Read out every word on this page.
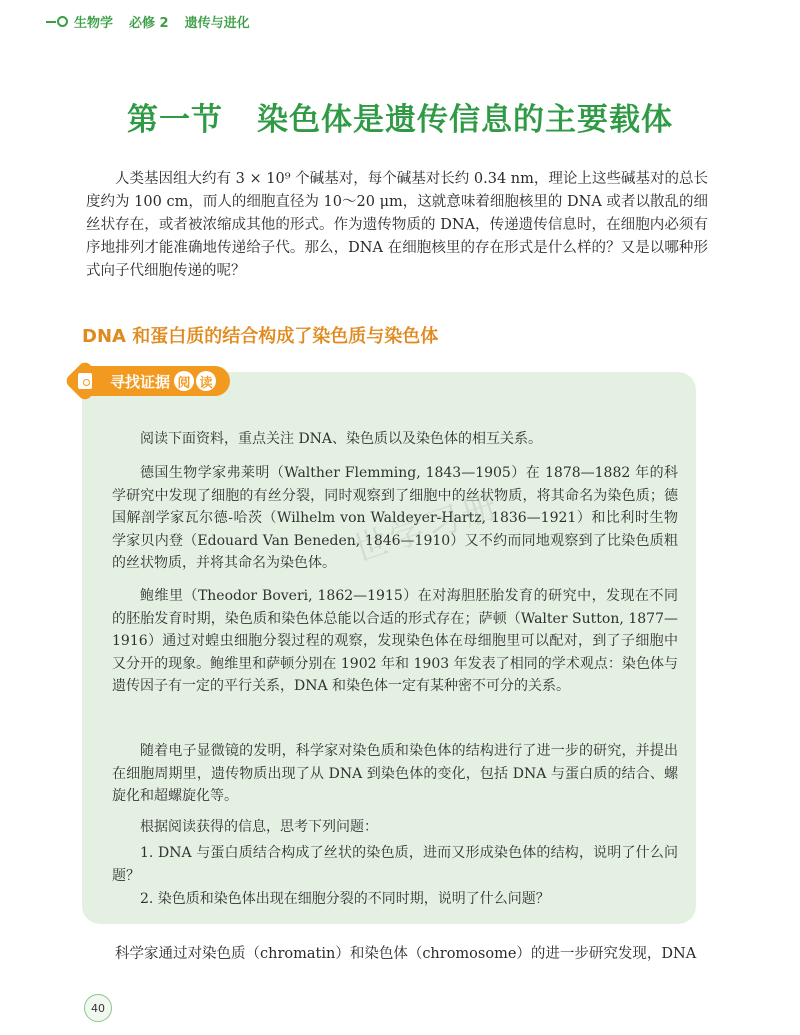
生物学 必修 2 遗传与进化
第一节 染色体是遗传信息的主要载体

人类基因组大约有 3 × 10⁹ 个碱基对，每个碱基对长约 0.34 nm，理论上这些碱基对的总长度约为 100 cm，而人的细胞直径为 10～20 μm，这就意味着细胞核里的 DNA 或者以散乱的细丝状存在，或者被浓缩成其他的形式。作为遗传物质的 DNA，传递遗传信息时，在细胞内必须有序地排列才能准确地传递给子代。那么，DNA 在细胞核里的存在形式是什么样的？又是以哪种形式向子代细胞传递的呢？

DNA 和蛋白质的结合构成了染色质与染色体
寻找证据 阅 读

阅读下面资料，重点关注 DNA、染色质以及染色体的相互关系。

德国生物学家弗莱明（Walther Flemming, 1843—1905）在 1878—1882 年的科学研究中发现了细胞的有丝分裂，同时观察到了细胞中的丝状物质，将其命名为染色质；德国解剖学家瓦尔德-哈茨（Wilhelm von Waldeyer-Hartz, 1836—1921）和比利时生物学家贝内登（Edouard Van Beneden, 1846—1910）又不约而同地观察到了比染色质粗的丝状物质，并将其命名为染色体。

鲍维里（Theodor Boveri, 1862—1915）在对海胆胚胎发育的研究中，发现在不同的胚胎发育时期，染色质和染色体总能以合适的形式存在；萨顿（Walter Sutton, 1877—1916）通过对蝗虫细胞分裂过程的观察，发现染色体在母细胞里可以配对，到了子细胞中又分开的现象。鲍维里和萨顿分别在 1902 年和 1903 年发表了相同的学术观点：染色体与遗传因子有一定的平行关系，DNA 和染色体一定有某种密不可分的关系。

随着电子显微镜的发明，科学家对染色质和染色体的结构进行了进一步的研究，并提出在细胞周期里，遗传物质出现了从 DNA 到染色体的变化，包括 DNA 与蛋白质的结合、螺旋化和超螺旋化等。

根据阅读获得的信息，思考下列问题：

1. DNA 与蛋白质结合构成了丝状的染色质，进而又形成染色体的结构，说明了什么问题？

2. 染色质和染色体出现在细胞分裂的不同时期，说明了什么问题？

科学家通过对染色质（chromatin）和染色体（chromosome）的进一步研究发现，DNA

40
